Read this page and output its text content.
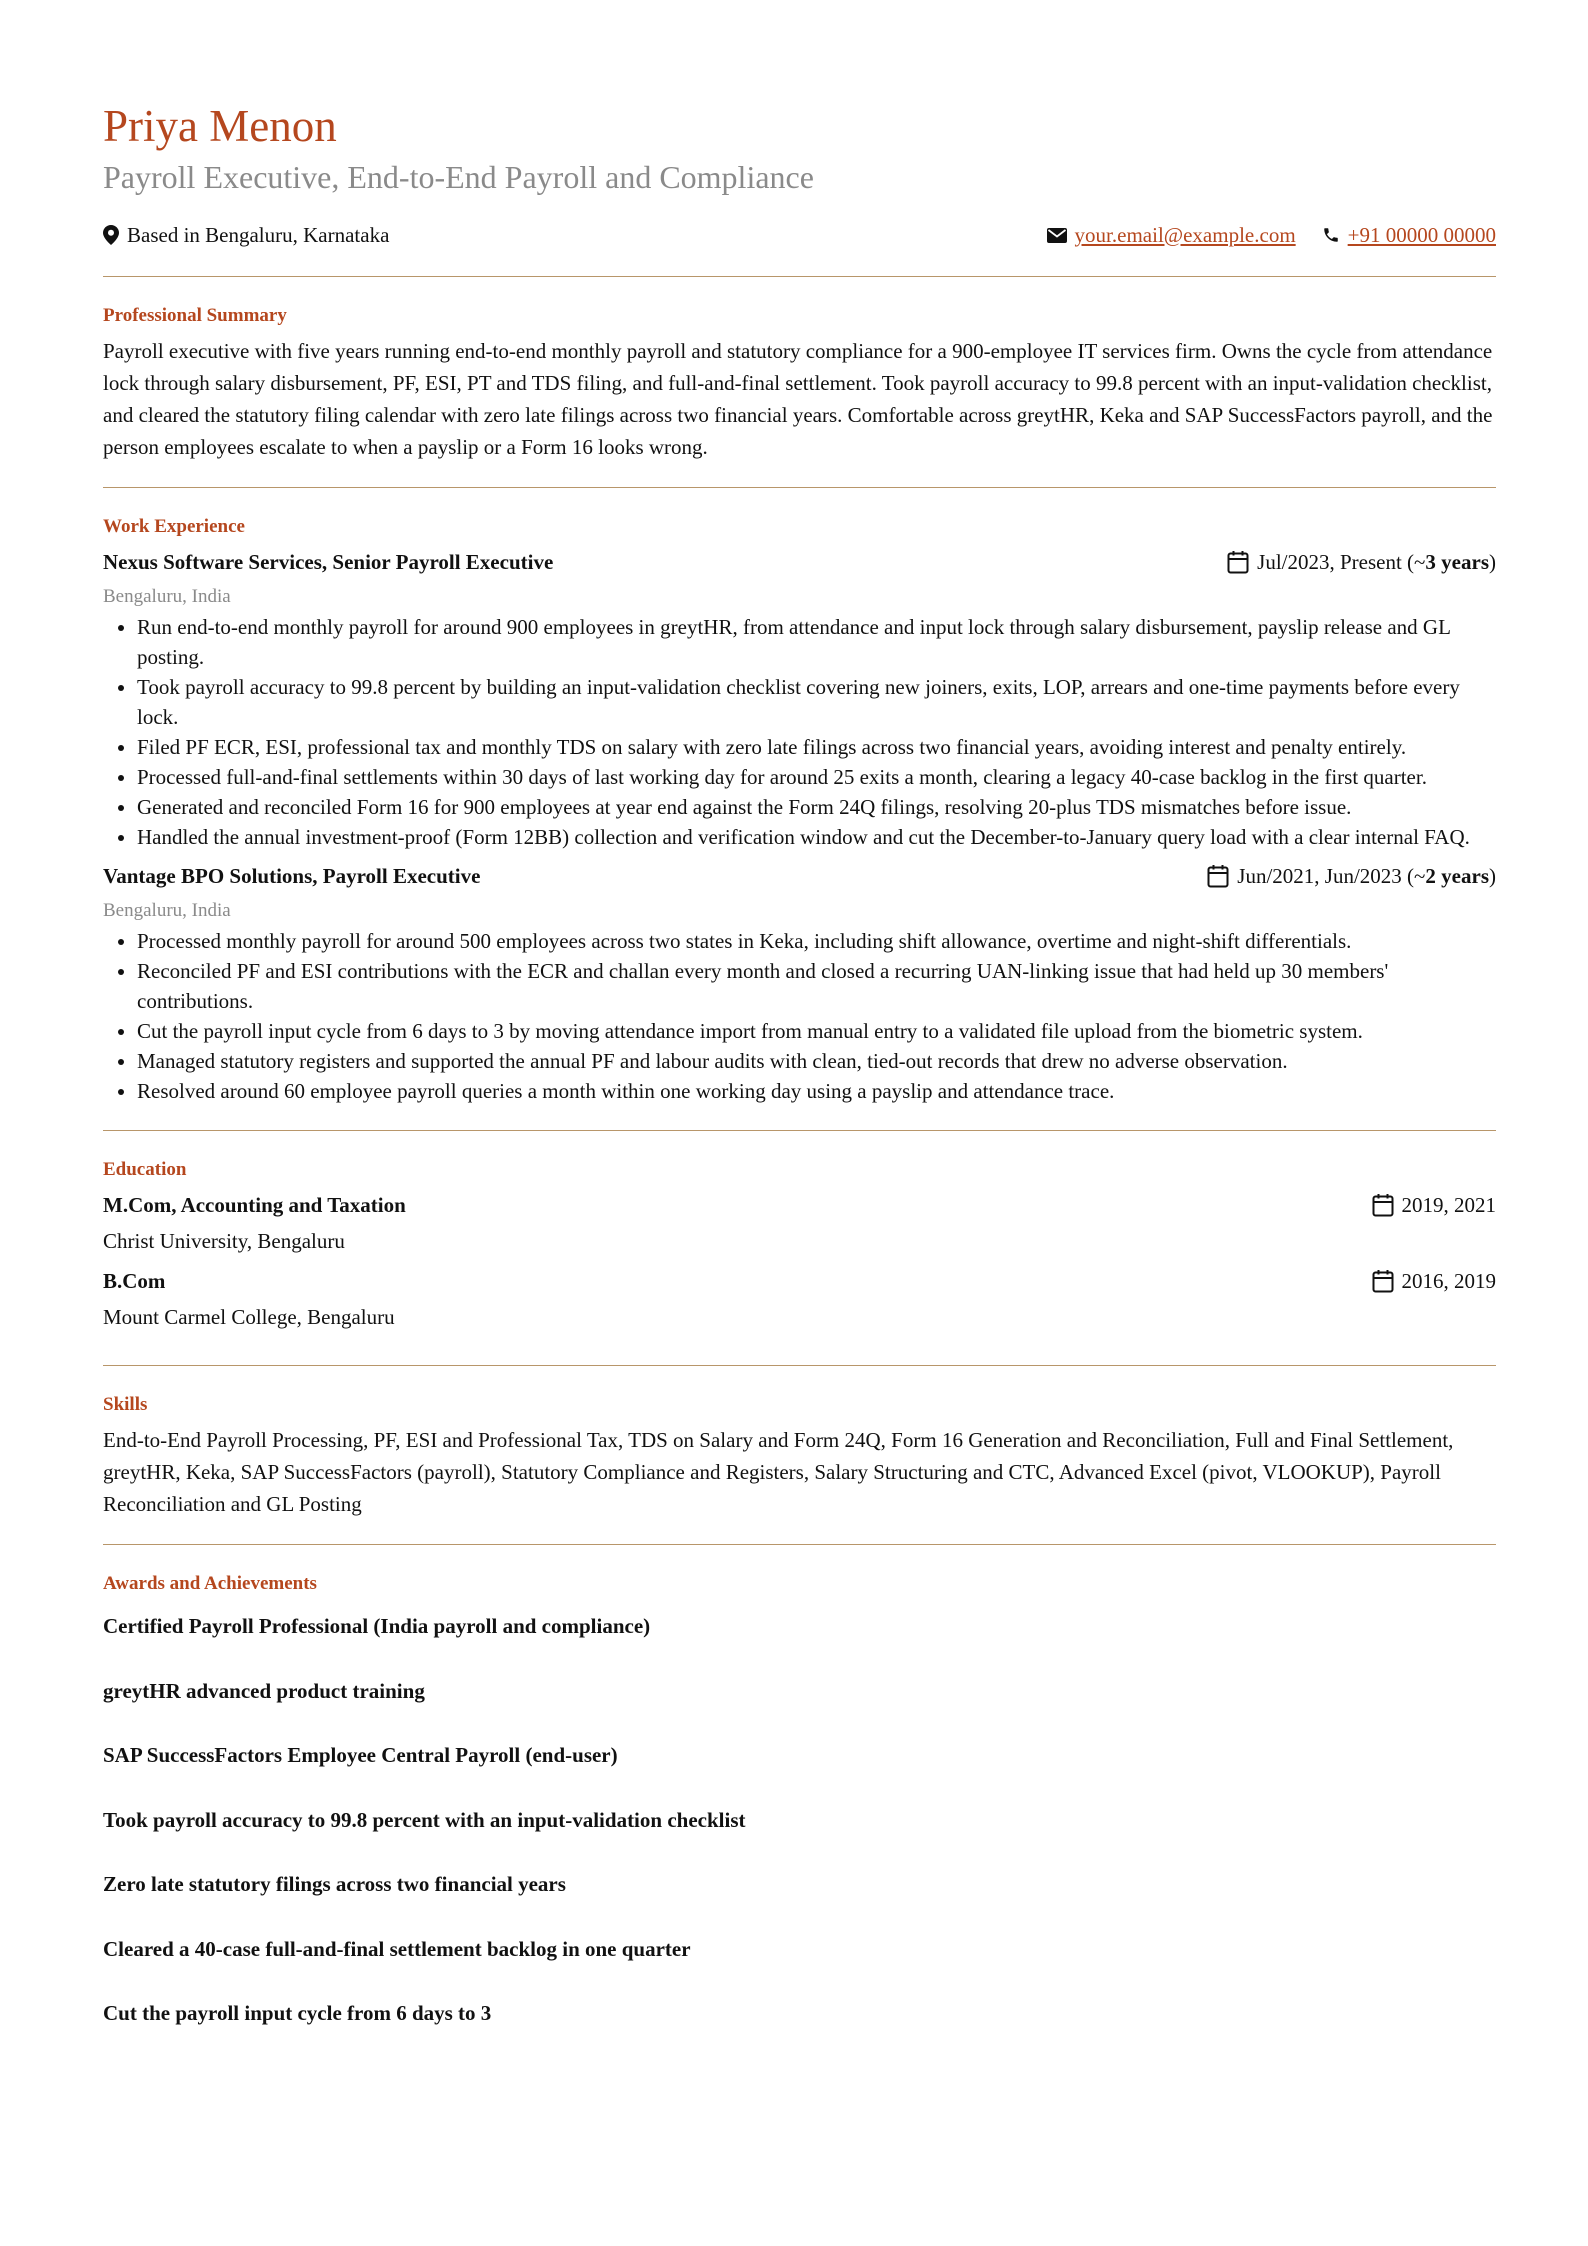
Priya Menon
Payroll Executive, End-to-End Payroll and Compliance
Based in Bengaluru, Karnataka	your.email@example.com +91 00000 00000
Professional Summary

Payroll executive with five years running end-to-end monthly payroll and statutory compliance for a 900-employee IT services firm. Owns the cycle from attendance lock through salary disbursement, PF, ESI, PT and TDS filing, and full-and-final settlement. Took payroll accuracy to 99.8 percent with an input-validation checklist, and cleared the statutory filing calendar with zero late filings across two financial years. Comfortable across greytHR, Keka and SAP SuccessFactors payroll, and the person employees escalate to when a payslip or a Form 16 looks wrong.

Work Experience
Nexus Software Services, Senior Payroll Executive	Jul/2023, Present (~ 3 years )
Bengaluru, India
• Run end-to-end monthly payroll for around 900 employees in greytHR, from attendance and input lock through salary disbursement, payslip release and GL posting.
• Took payroll accuracy to 99.8 percent by building an input-validation checklist covering new joiners, exits, LOP, arrears and one-time payments before every lock.
• Filed PF ECR, ESI, professional tax and monthly TDS on salary with zero late filings across two financial years, avoiding interest and penalty entirely.
• Processed full-and-final settlements within 30 days of last working day for around 25 exits a month, clearing a legacy 40-case backlog in the first quarter.
• Generated and reconciled Form 16 for 900 employees at year end against the Form 24Q filings, resolving 20-plus TDS mismatches before issue.
• Handled the annual investment-proof (Form 12BB) collection and verification window and cut the December-to-January query load with a clear internal FAQ.
Vantage BPO Solutions, Payroll Executive	Jun/2021, Jun/2023 (~ 2 years )
Bengaluru, India
• Processed monthly payroll for around 500 employees across two states in Keka, including shift allowance, overtime and night-shift differentials.
• Reconciled PF and ESI contributions with the ECR and challan every month and closed a recurring UAN-linking issue that had held up 30 members' contributions.
• Cut the payroll input cycle from 6 days to 3 by moving attendance import from manual entry to a validated file upload from the biometric system.
• Managed statutory registers and supported the annual PF and labour audits with clean, tied-out records that drew no adverse observation.
• Resolved around 60 employee payroll queries a month within one working day using a payslip and attendance trace.
Education
M.Com, Accounting and Taxation	2019, 2021
Christ University, Bengaluru
B.Com	2016, 2019
Mount Carmel College, Bengaluru
Skills

End-to-End Payroll Processing, PF, ESI and Professional Tax, TDS on Salary and Form 24Q, Form 16 Generation and Reconciliation, Full and Final Settlement, greytHR, Keka, SAP SuccessFactors (payroll), Statutory Compliance and Registers, Salary Structuring and CTC, Advanced Excel (pivot, VLOOKUP), Payroll Reconciliation and GL Posting

Awards and Achievements
Certified Payroll Professional (India payroll and compliance)
greytHR advanced product training
SAP SuccessFactors Employee Central Payroll (end-user)
Took payroll accuracy to 99.8 percent with an input-validation checklist
Zero late statutory filings across two financial years
Cleared a 40-case full-and-final settlement backlog in one quarter
Cut the payroll input cycle from 6 days to 3
